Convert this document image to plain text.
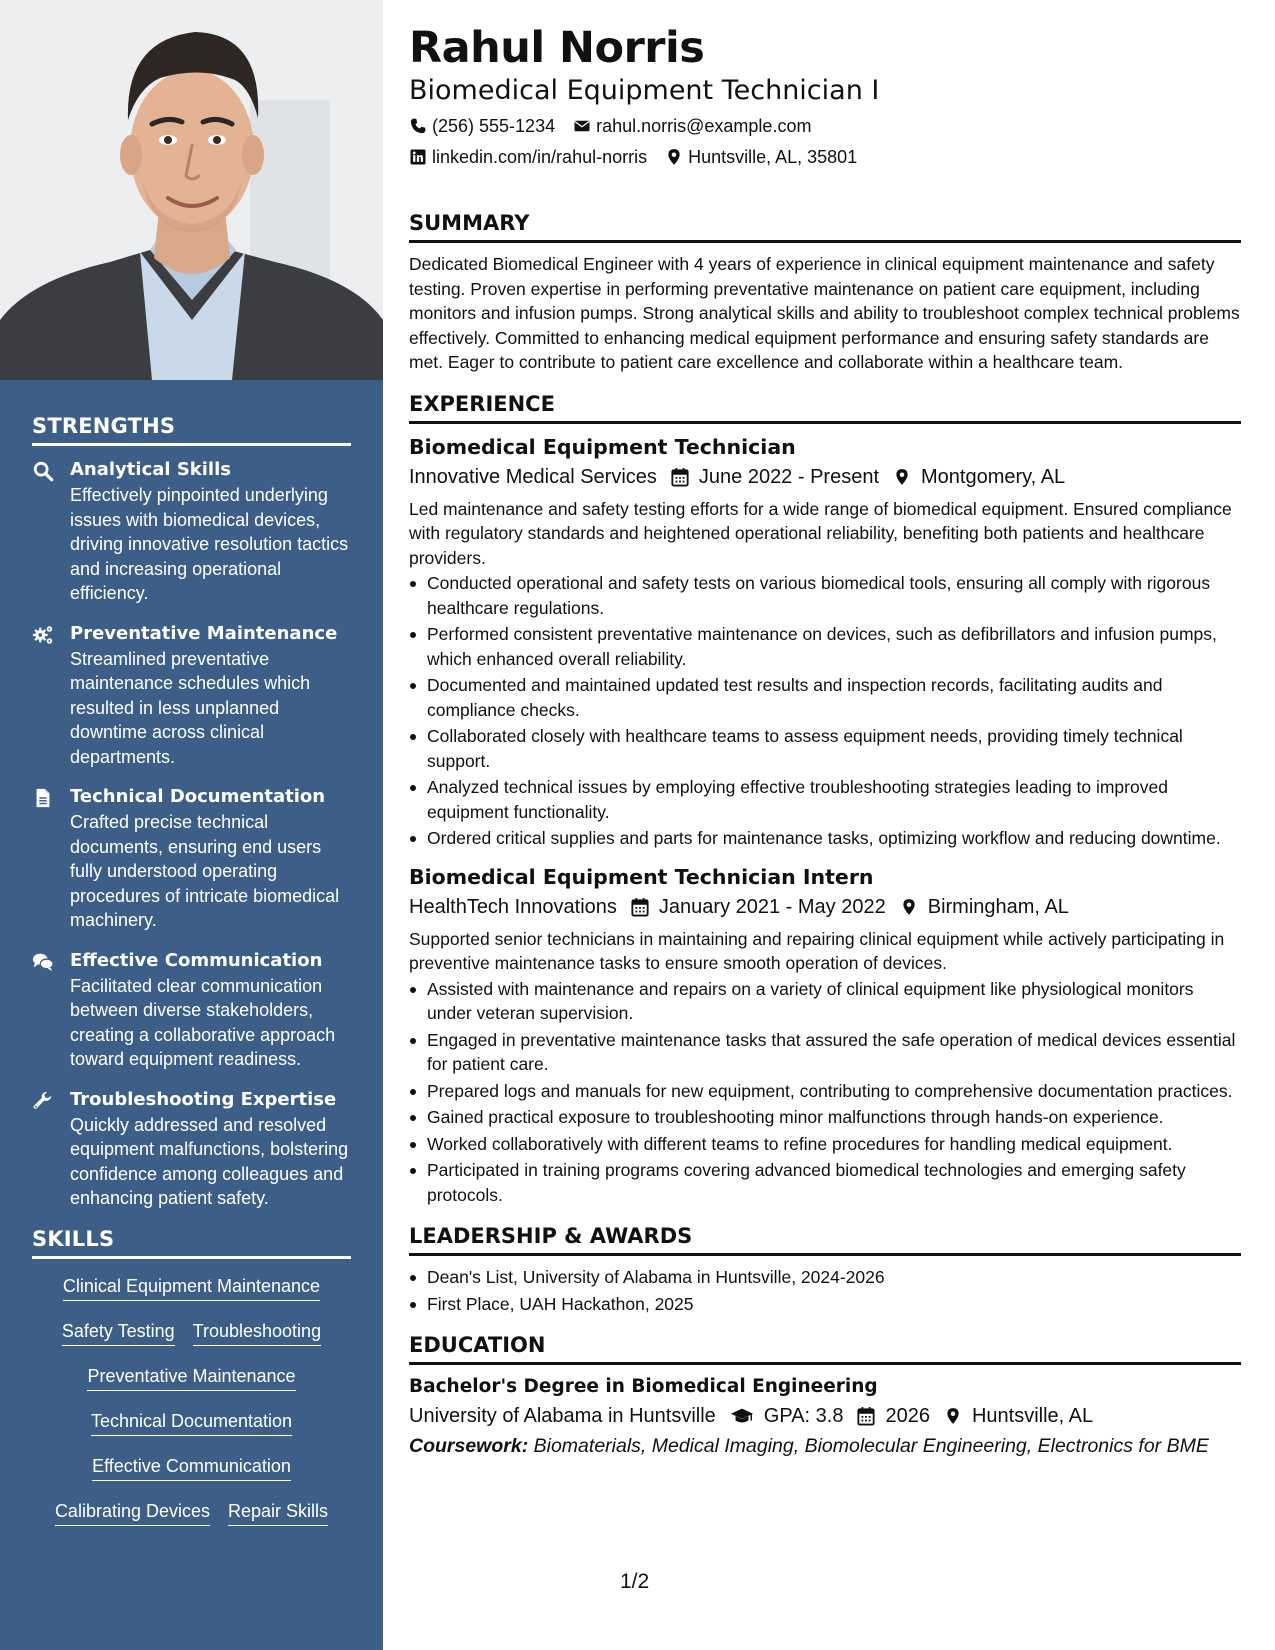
STRENGTHS
Analytical Skills
Effectively pinpointed underlying issues with biomedical devices, driving innovative resolution tactics and increasing operational efficiency.
Preventative Maintenance
Streamlined preventative maintenance schedules which resulted in less unplanned downtime across clinical departments.
Technical Documentation
Crafted precise technical documents, ensuring end users fully understood operating procedures of intricate biomedical machinery.
Effective Communication
Facilitated clear communication between diverse stakeholders, creating a collaborative approach toward equipment readiness.
Troubleshooting Expertise
Quickly addressed and resolved equipment malfunctions, bolstering confidence among colleagues and enhancing patient safety.
SKILLS
Clinical Equipment Maintenance
Safety Testing Troubleshooting
Preventative Maintenance
Technical Documentation
Effective Communication
Calibrating Devices Repair Skills
Rahul Norris
Biomedical Equipment Technician I
(256) 555-1234 rahul.norris@example.com
linkedin.com/in/rahul-norris Huntsville, AL, 35801
SUMMARY

Dedicated Biomedical Engineer with 4 years of experience in clinical equipment maintenance and safety testing. Proven expertise in performing preventative maintenance on patient care equipment, including monitors and infusion pumps. Strong analytical skills and ability to troubleshoot complex technical problems effectively. Committed to enhancing medical equipment performance and ensuring safety standards are met. Eager to contribute to patient care excellence and collaborate within a healthcare team.

EXPERIENCE
Biomedical Equipment Technician
Innovative Medical Services June 2022 - Present Montgomery, AL

Led maintenance and safety testing efforts for a wide range of biomedical equipment. Ensured compliance with regulatory standards and heightened operational reliability, benefiting both patients and healthcare providers.

Conducted operational and safety tests on various biomedical tools, ensuring all comply with rigorous healthcare regulations.
Performed consistent preventative maintenance on devices, such as defibrillators and infusion pumps, which enhanced overall reliability.
Documented and maintained updated test results and inspection records, facilitating audits and compliance checks.
Collaborated closely with healthcare teams to assess equipment needs, providing timely technical support.
Analyzed technical issues by employing effective troubleshooting strategies leading to improved equipment functionality.
Ordered critical supplies and parts for maintenance tasks, optimizing workflow and reducing downtime.
Biomedical Equipment Technician Intern
HealthTech Innovations January 2021 - May 2022 Birmingham, AL

Supported senior technicians in maintaining and repairing clinical equipment while actively participating in preventive maintenance tasks to ensure smooth operation of devices.

Assisted with maintenance and repairs on a variety of clinical equipment like physiological monitors under veteran supervision.
Engaged in preventative maintenance tasks that assured the safe operation of medical devices essential for patient care.
Prepared logs and manuals for new equipment, contributing to comprehensive documentation practices.
Gained practical exposure to troubleshooting minor malfunctions through hands-on experience.
Worked collaboratively with different teams to refine procedures for handling medical equipment.
Participated in training programs covering advanced biomedical technologies and emerging safety protocols.
LEADERSHIP & AWARDS
Dean's List, University of Alabama in Huntsville, 2024-2026
First Place, UAH Hackathon, 2025
EDUCATION
Bachelor's Degree in Biomedical Engineering
University of Alabama in Huntsville GPA: 3.8 2026 Huntsville, AL
Coursework: Biomaterials, Medical Imaging, Biomolecular Engineering, Electronics for BME
1/2
